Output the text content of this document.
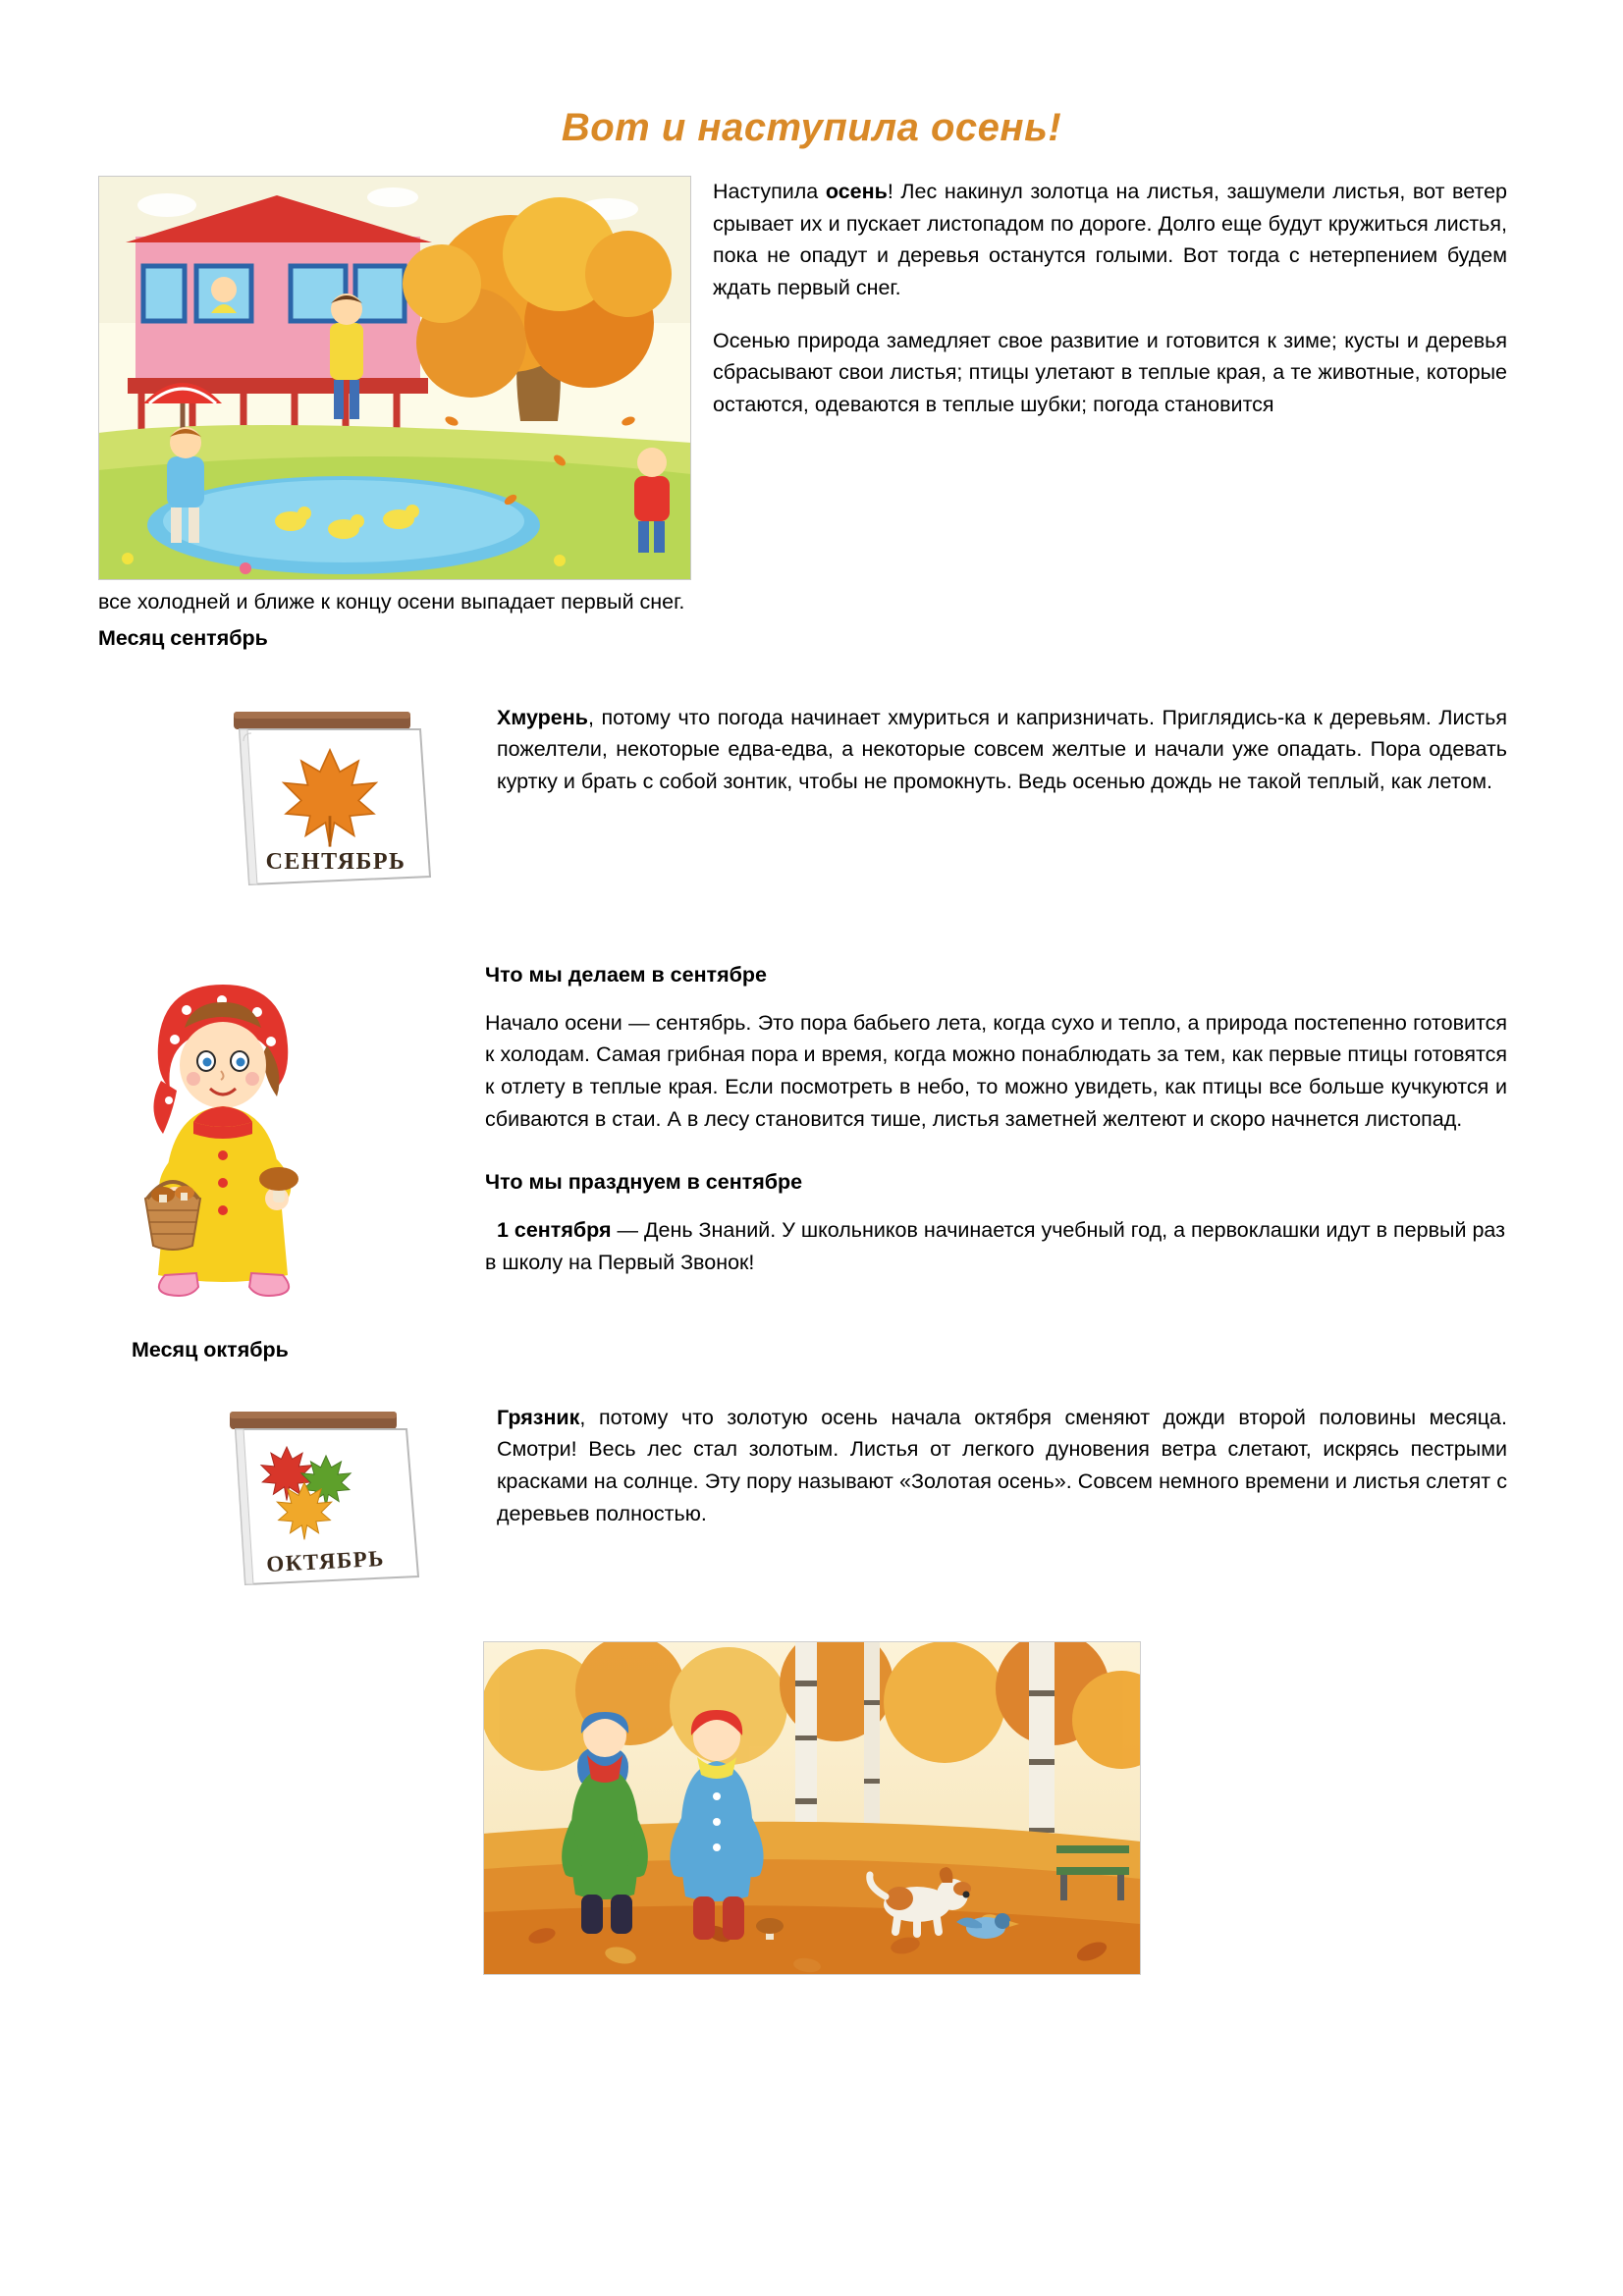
Вот и наступила осень!

Наступила осень! Лес накинул золотца на листья, зашумели листья, вот ветер срывает их и пускает листопадом по дороге. Долго еще будут кружиться листья, пока не опадут и деревья останутся голыми. Вот тогда с нетерпением будем ждать первый снег.

Осенью природа замедляет свое развитие и готовится к зиме; кусты и деревья сбрасывают свои листья; птицы улетают в теплые края, а те животные, которые остаются, одеваются в теплые шубки; погода становится

все холодней и ближе к концу осени выпадает первый снег.
Месяц сентябрь
СЕНТЯБРЬ

Хмурень, потому что погода начинает хмуриться и капризничать. Приглядись-ка к деревьям. Листья пожелтели, некоторые едва-едва, а некоторые совсем желтые и начали уже опадать. Пора одевать куртку и брать с собой зонтик, чтобы не промокнуть. Ведь осенью дождь не такой теплый, как летом.

Что мы делаем в сентябре

Начало осени — сентябрь. Это пора бабьего лета, когда сухо и тепло, а природа постепенно готовится к холодам. Самая грибная пора и время, когда можно понаблюдать за тем, как первые птицы готовятся к отлету в теплые края. Если посмотреть в небо, то можно увидеть, как птицы все больше кучкуются и сбиваются в стаи. А в лесу становится тише, листья заметней желтеют и скоро начнется листопад.

Что мы празднуем в сентябре

1 сентября — День Знаний. У школьников начинается учебный год, а первоклашки идут в первый раз в школу на Первый Звонок!

Месяц октябрь
ОКТЯБРЬ

Грязник, потому что золотую осень начала октября сменяют дожди второй половины месяца. Смотри! Весь лес стал золотым. Листья от легкого дуновения ветра слетают, искрясь пестрыми красками на солнце. Эту пору называют «Золотая осень». Совсем немного времени и листья слетят с деревьев полностью.
